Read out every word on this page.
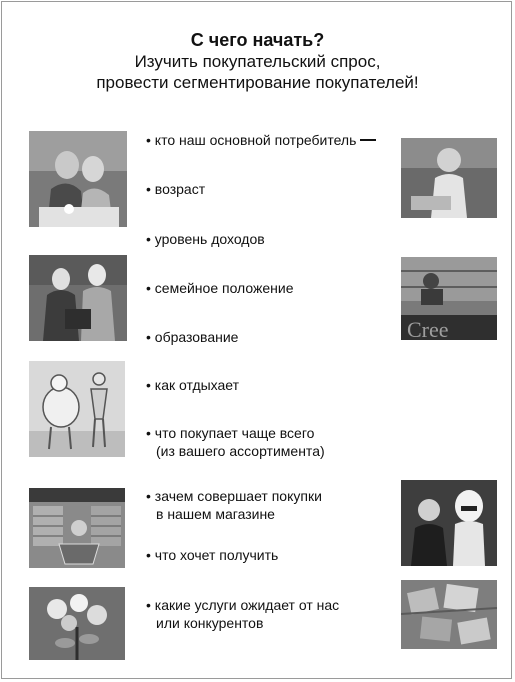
С чего начать?
Изучить покупательский спрос,
провести сегментирование покупателей!
• кто наш основной потребитель
• возраст
• уровень доходов
• семейное положение
• образование
• как отдыхает
• что покупает чаще всего
(из вашего ассортимента)
• зачем совершает покупки
в нашем магазине
• что хочет получить
• какие услуги ожидает от нас
или конкурентов
Cree
